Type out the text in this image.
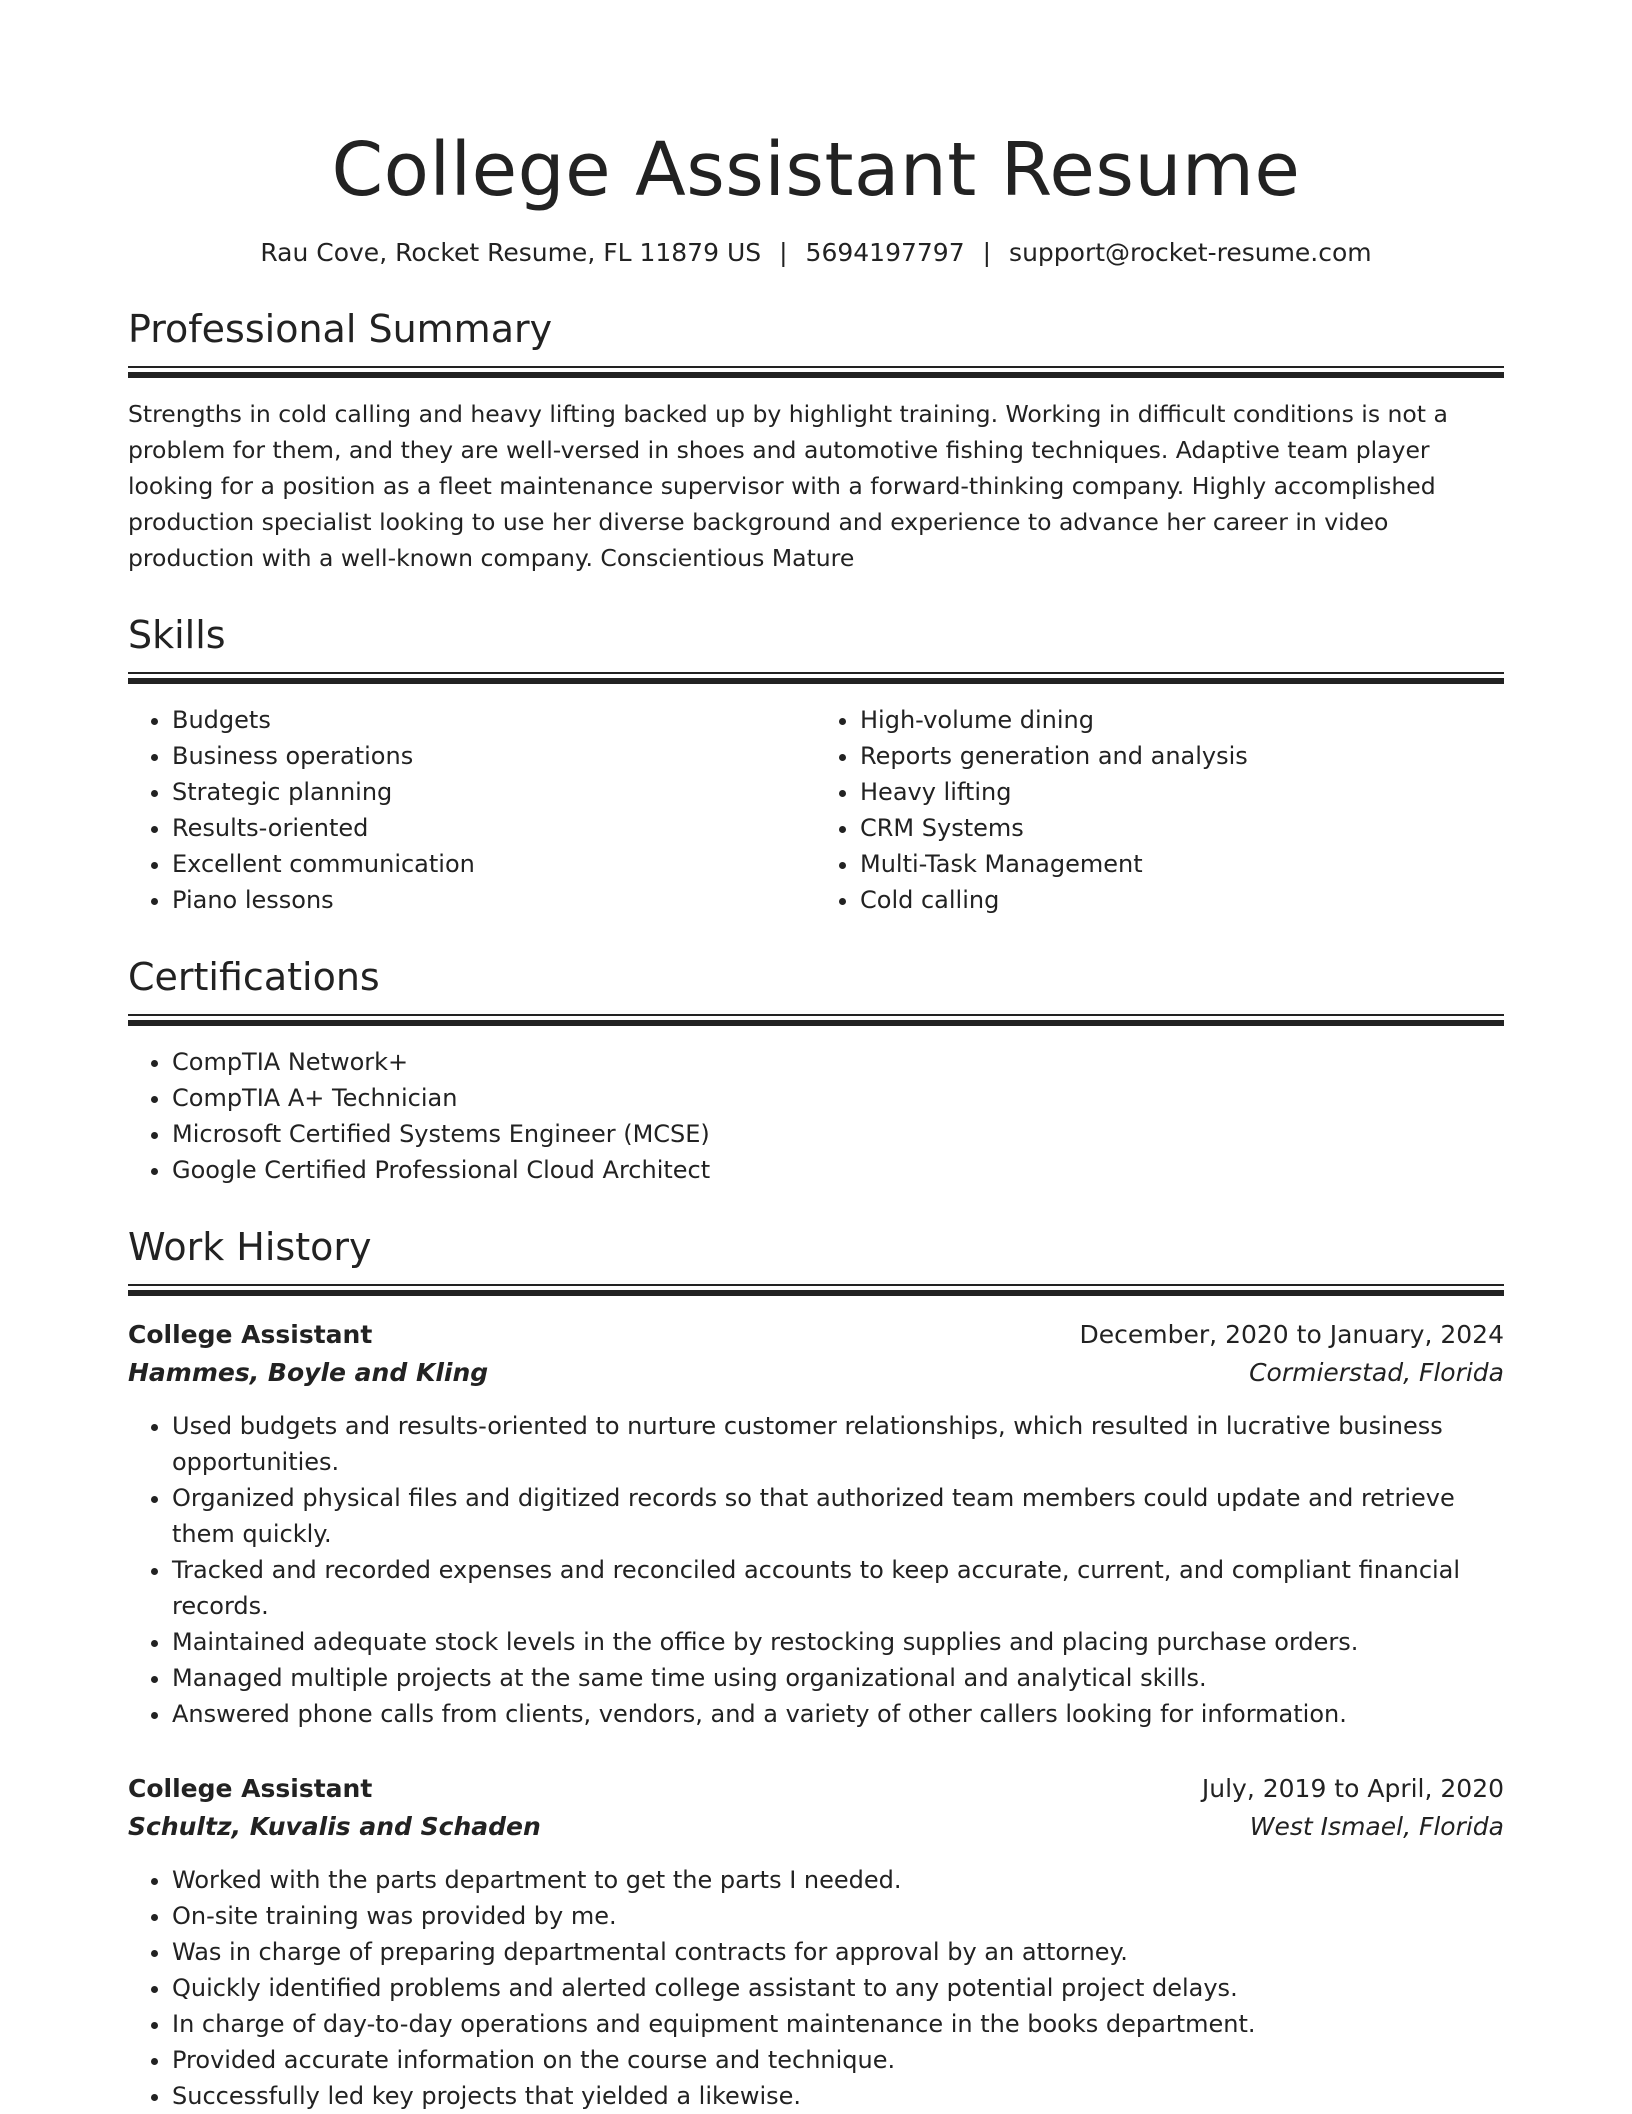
College Assistant Resume
Rau Cove, Rocket Resume, FL 11879 US | 5694197797 | support@rocket-resume.com
Professional Summary

Strengths in cold calling and heavy lifting backed up by highlight training. Working in difficult conditions is not a problem for them, and they are well-versed in shoes and automotive fishing techniques. Adaptive team player looking for a position as a fleet maintenance supervisor with a forward-thinking company. Highly accomplished production specialist looking to use her diverse background and experience to advance her career in video production with a well-known company. Conscientious Mature

Skills
• Budgets
• Business operations
• Strategic planning
• Results-oriented
• Excellent communication
• Piano lessons
• High-volume dining
• Reports generation and analysis
• Heavy lifting
• CRM Systems
• Multi-Task Management
• Cold calling
Certifications
• CompTIA Network+
• CompTIA A+ Technician
• Microsoft Certified Systems Engineer (MCSE)
• Google Certified Professional Cloud Architect
Work History
College Assistant	December, 2020 to January, 2024
Hammes, Boyle and Kling	Cormierstad, Florida
• Used budgets and results-oriented to nurture customer relationships, which resulted in lucrative business opportunities.
• Organized physical files and digitized records so that authorized team members could update and retrieve them quickly.
• Tracked and recorded expenses and reconciled accounts to keep accurate, current, and compliant financial records.
• Maintained adequate stock levels in the office by restocking supplies and placing purchase orders.
• Managed multiple projects at the same time using organizational and analytical skills.
• Answered phone calls from clients, vendors, and a variety of other callers looking for information.
College Assistant	July, 2019 to April, 2020
Schultz, Kuvalis and Schaden	West Ismael, Florida
• Worked with the parts department to get the parts I needed.
• On-site training was provided by me.
• Was in charge of preparing departmental contracts for approval by an attorney.
• Quickly identified problems and alerted college assistant to any potential project delays.
• In charge of day-to-day operations and equipment maintenance in the books department.
• Provided accurate information on the course and technique.
• Successfully led key projects that yielded a likewise.
